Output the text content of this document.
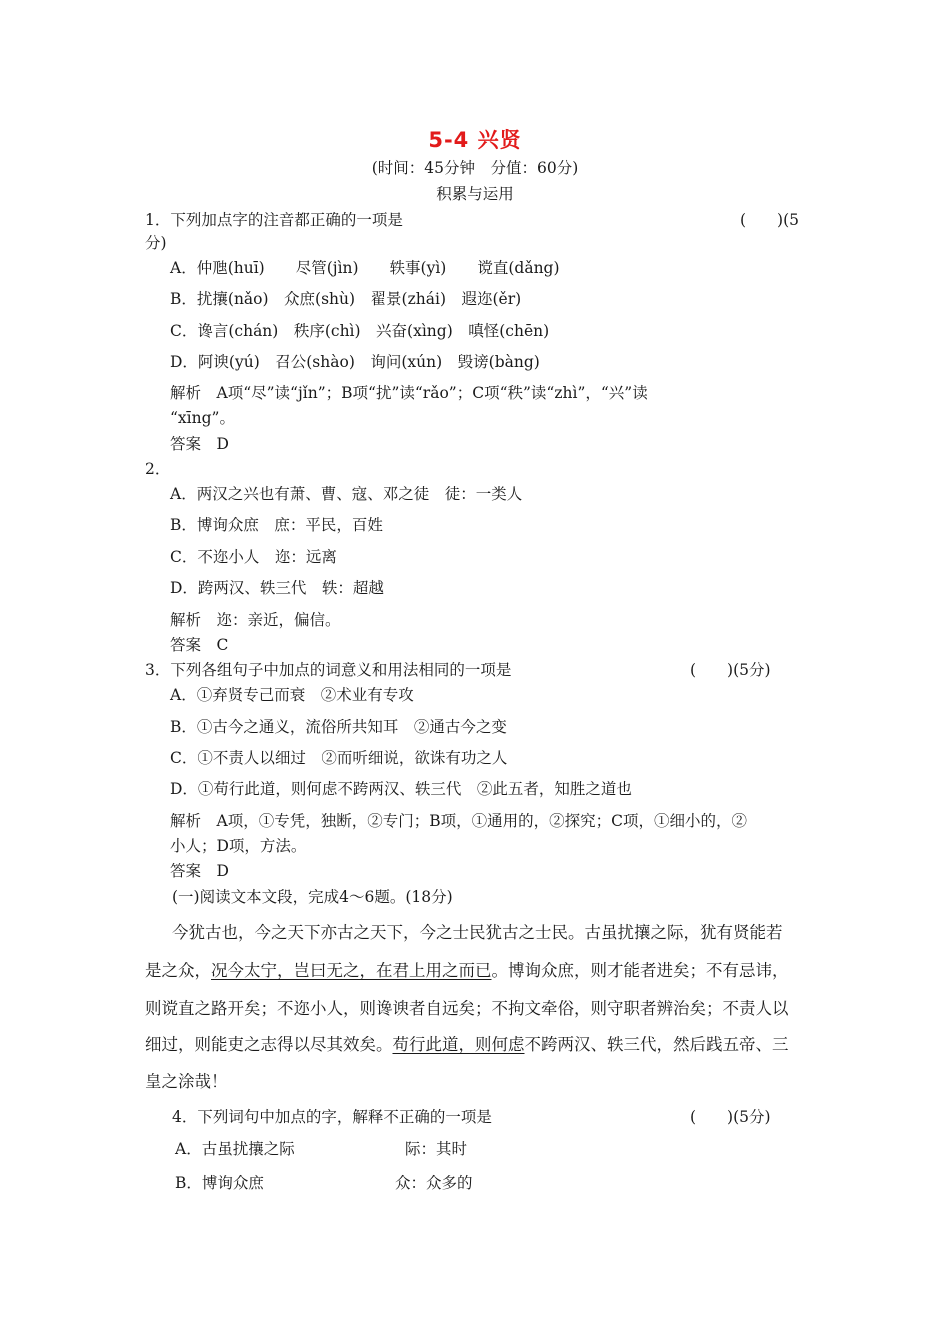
5-4 兴贤
(时间：45分钟　分值：60分)
积累与运用
1．下列加点字的注音都正确的一项是	(　　)(5
分)
A．仲虺(huī)　　尽管(jìn)　　轶事(yì)　　谠直(dǎng)
B．扰攘(nǎo)　众庶(shù)　翟景(zhái)　遐迩(ěr)
C．谗言(chán)　秩序(chì)　兴奋(xìng)　嗔怪(chēn)
D．阿谀(yú)　召公(shào)　询问(xún)　毁谤(bàng)
解析　A项“尽”读“jǐn”；B项“扰”读“rǎo”；C项“秩”读“zhì”，“兴”读
“xīng”。
答案　D
2．
A．两汉之兴也有萧、曹、寇、邓之徒　徒：一类人
B．博询众庶　庶：平民，百姓
C．不迩小人　迩：远离
D．跨两汉、轶三代　轶：超越
解析　迩：亲近，偏信。
答案　C
3．下列各组句子中加点的词意义和用法相同的一项是	(　　)(5分)
A．①弃贤专己而衰　②术业有专攻
B．①古今之通义，流俗所共知耳　②通古今之变
C．①不责人以细过　②而听细说，欲诛有功之人
D．①苟行此道，则何虑不跨两汉、轶三代　②此五者，知胜之道也
解析　A项，①专凭，独断，②专门；B项，①通用的，②探究；C项，①细小的，②
小人；D项，方法。
答案　D
(一)阅读文本文段，完成4～6题。(18分)
今犹古也，今之天下亦古之天下，今之士民犹古之士民。古虽扰攘之际，犹有贤能若
是之众，况今太宁，岂曰无之，在君上用之而已。博询众庶，则才能者进矣；不有忌讳，
则谠直之路开矣；不迩小人，则谗谀者自远矣；不拘文牵俗，则守职者辨治矣；不责人以
细过，则能吏之志得以尽其效矣。苟行此道，则何虑不跨两汉、轶三代，然后践五帝、三
皇之涂哉！
4．下列词句中加点的字，解释不正确的一项是	(　　)(5分)
A．古虽扰攘之际	际：其时
B．博询众庶	众：众多的
